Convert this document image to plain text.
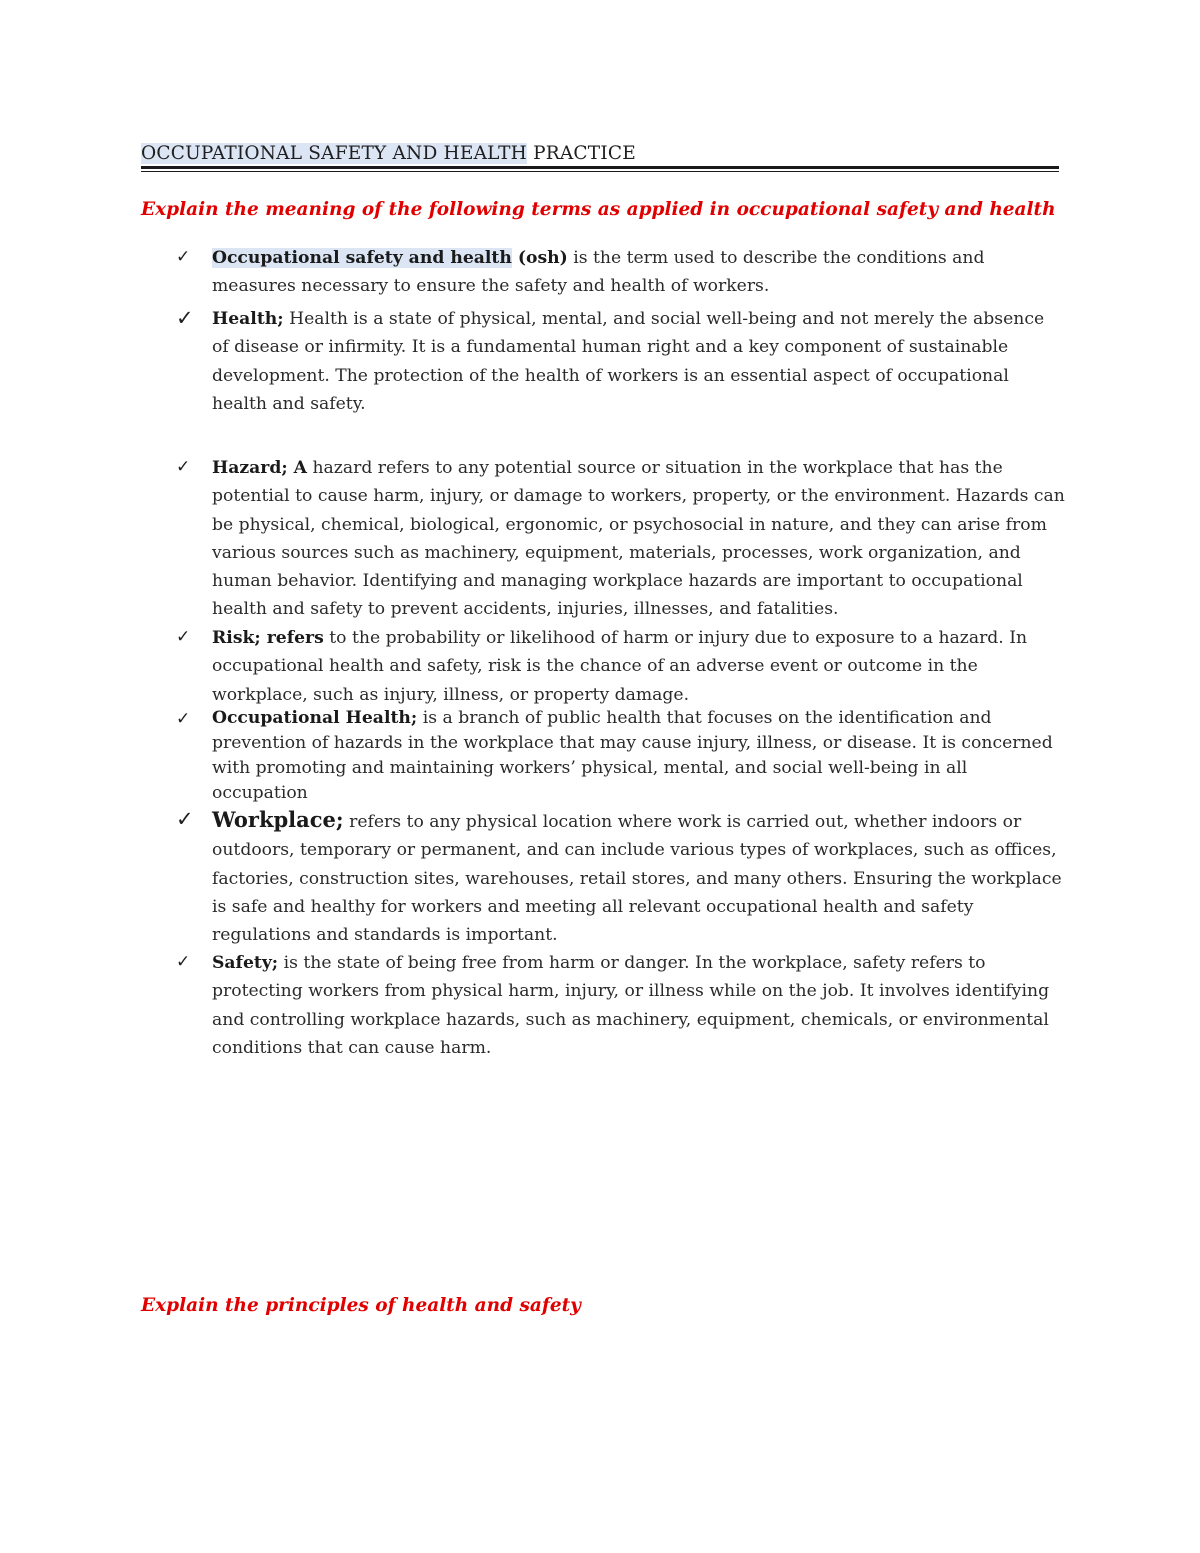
OCCUPATIONAL SAFETY AND HEALTH PRACTICE
Explain the meaning of the following terms as applied in occupational safety and health
✓ Occupational safety and health (osh) is the term used to describe the conditions and measures necessary to ensure the safety and health of workers.
✓ Health; Health is a state of physical, mental, and social well-being and not merely the absence of disease or infirmity. It is a fundamental human right and a key component of sustainable development. The protection of the health of workers is an essential aspect of occupational health and safety.
✓ Hazard; A hazard refers to any potential source or situation in the workplace that has the potential to cause harm, injury, or damage to workers, property, or the environment. Hazards can be physical, chemical, biological, ergonomic, or psychosocial in nature, and they can arise from various sources such as machinery, equipment, materials, processes, work organization, and human behavior. Identifying and managing workplace hazards are important to occupational health and safety to prevent accidents, injuries, illnesses, and fatalities.
✓ Risk; refers to the probability or likelihood of harm or injury due to exposure to a hazard. In occupational health and safety, risk is the chance of an adverse event or outcome in the workplace, such as injury, illness, or property damage.
✓ Occupational Health; is a branch of public health that focuses on the identification and prevention of hazards in the workplace that may cause injury, illness, or disease. It is concerned with promoting and maintaining workers’ physical, mental, and social well-being in all occupation
✓ Workplace; refers to any physical location where work is carried out, whether indoors or outdoors, temporary or permanent, and can include various types of workplaces, such as offices, factories, construction sites, warehouses, retail stores, and many others. Ensuring the workplace is safe and healthy for workers and meeting all relevant occupational health and safety regulations and standards is important.
✓ Safety; is the state of being free from harm or danger. In the workplace, safety refers to protecting workers from physical harm, injury, or illness while on the job. It involves identifying and controlling workplace hazards, such as machinery, equipment, chemicals, or environmental conditions that can cause harm.
Explain the principles of health and safety
